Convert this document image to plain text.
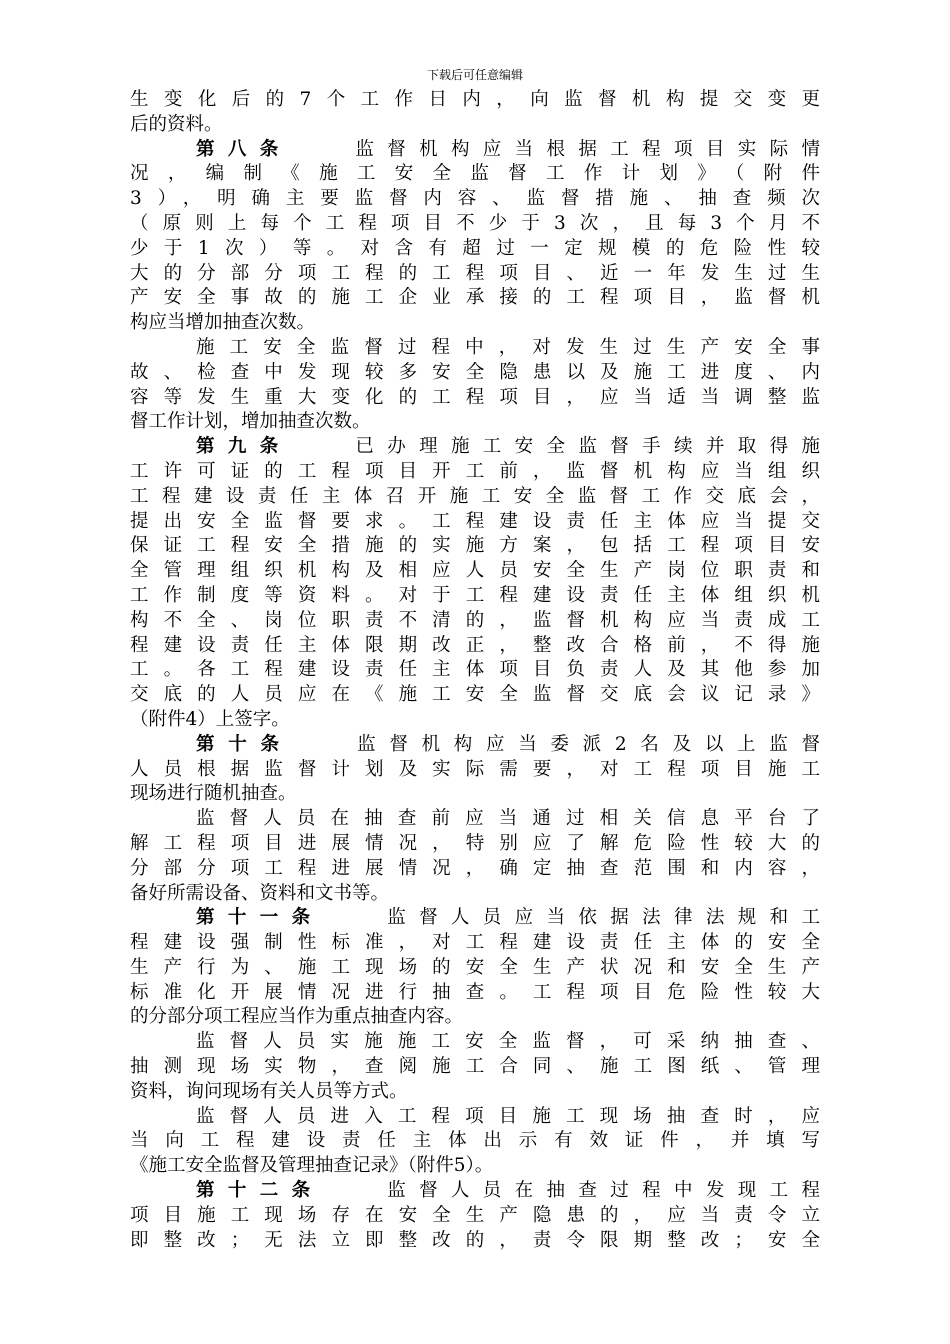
下载后可任意编辑
生变化后的7个工作日内，向监督机构提交变更
后的资料。
第八条　　	监督机构应当根据工程项目实际情
况，编制《施工安全监督工作计划》（附件
3），明确主要监督内容、监督措施、抽查频次
（原则上每个工程项目不少于3次，且每3个月不
少于1次）等。对含有超过一定规模的危险性较
大的分部分项工程的工程项目、近一年发生过生
产安全事故的施工企业承接的工程项目，监督机
构应当增加抽查次数。
施工安全监督过程中，对发生过生产安全事
故、检查中发现较多安全隐患以及施工进度、内
容等发生重大变化的工程项目，应当适当调整监
督工作计划，增加抽查次数。
第九条　　	已办理施工安全监督手续并取得施
工许可证的工程项目开工前，监督机构应当组织
工程建设责任主体召开施工安全监督工作交底会，
提出安全监督要求。工程建设责任主体应当提交
保证工程安全措施的实施方案，包括工程项目安
全管理组织机构及相应人员安全生产岗位职责和
工作制度等资料。对于工程建设责任主体组织机
构不全、岗位职责不清的，监督机构应当责成工
程建设责任主体限期改正，整改合格前，不得施
工。各工程建设责任主体项目负责人及其他参加
交底的人员应在《施工安全监督交底会议记录》
（附件4）上签字。
第十条　　	监督机构应当委派2名及以上监督
人员根据监督计划及实际需要，对工程项目施工
现场进行随机抽查。
监督人员在抽查前应当通过相关信息平台了
解工程项目进展情况，特别应了解危险性较大的
分部分项工程进展情况，确定抽查范围和内容，
备好所需设备、资料和文书等。
第十一条　　	监督人员应当依据法律法规和工
程建设强制性标准，对工程建设责任主体的安全
生产行为、施工现场的安全生产状况和安全生产
标准化开展情况进行抽查。工程项目危险性较大
的分部分项工程应当作为重点抽查内容。
监督人员实施施工安全监督，可采纳抽查、
抽测现场实物，查阅施工合同、施工图纸、管理
资料，询问现场有关人员等方式。
监督人员进入工程项目施工现场抽查时，应
当向工程建设责任主体出示有效证件，并填写
《施工安全监督及管理抽查记录》（附件5）。
第十二条　　	监督人员在抽查过程中发现工程
项目施工现场存在安全生产隐患的，应当责令立
即整改；无法立即整改的，责令限期整改；安全
